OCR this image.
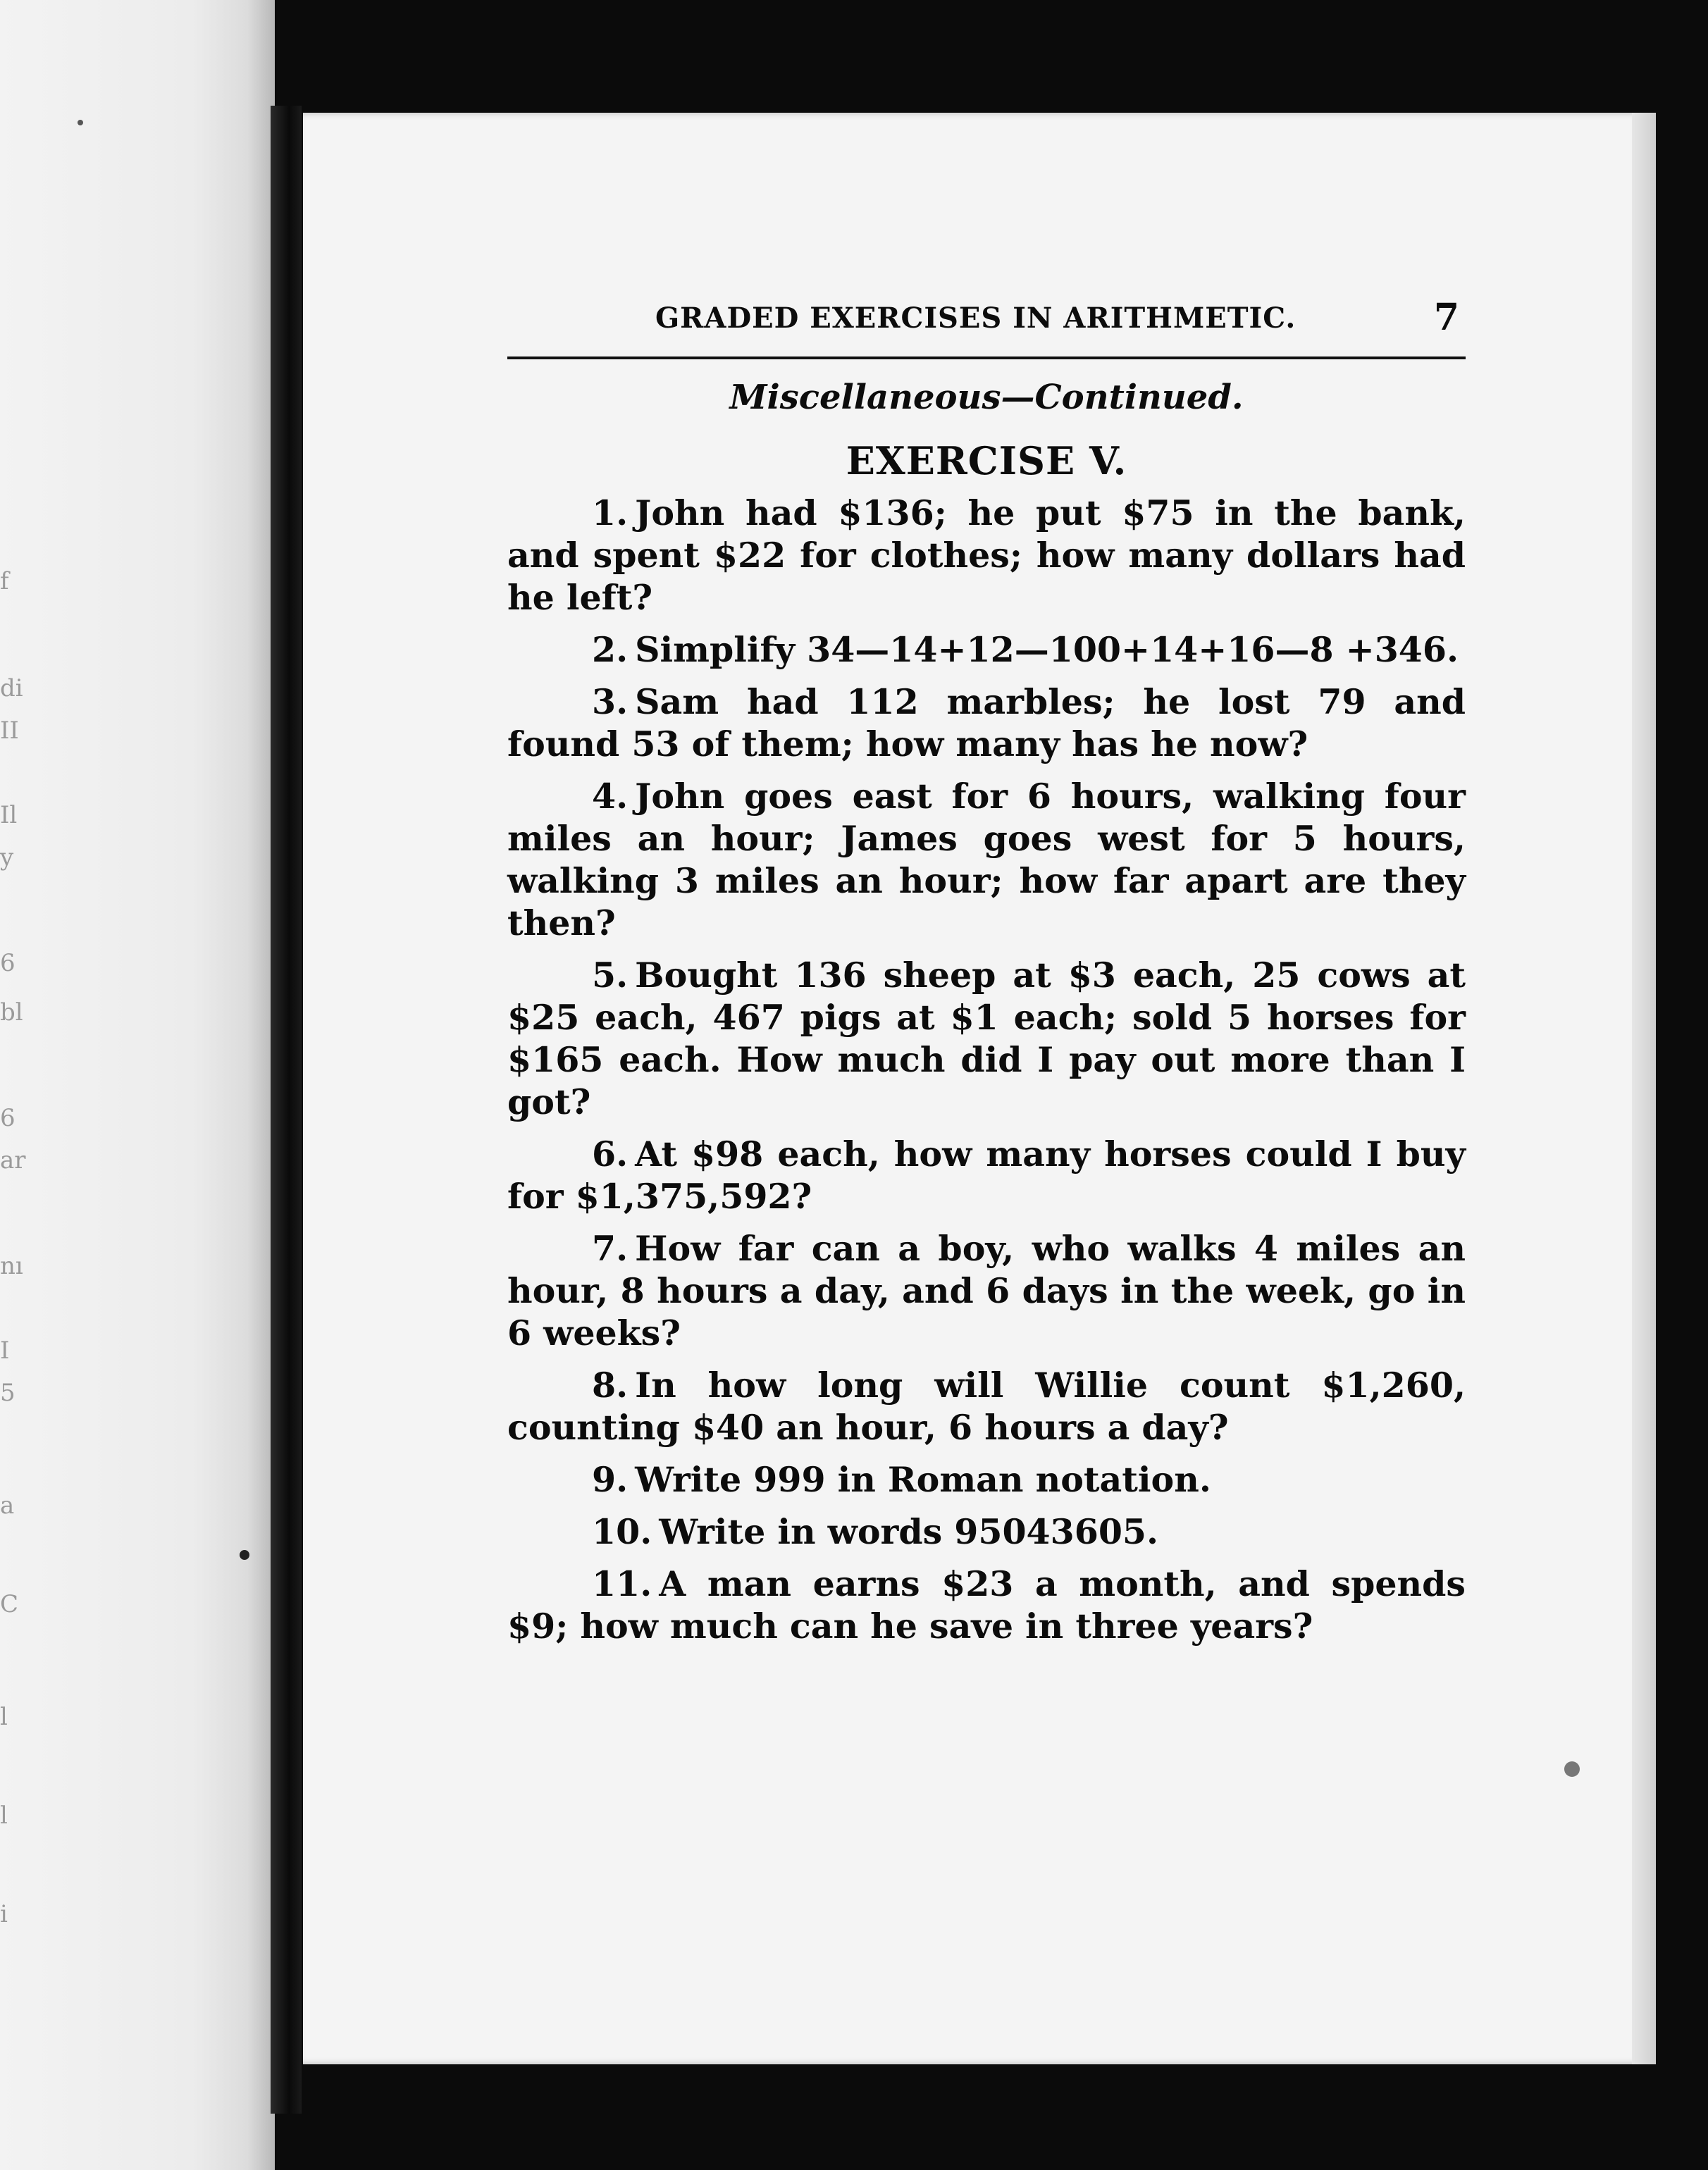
f
di
II
Il
y
6
bl
6
ar
nı
I
5
a
C
l
l
i
GRADED EXERCISES IN ARITHMETIC.	7
Miscellaneous—Continued.
EXERCISE V.

1. John had $136; he put $75 in the bank, and spent $22 for clothes; how many dollars had he left?

2. Simplify 34—14+12—100+14+16—8 +346.

3. Sam had 112 marbles; he lost 79 and found 53 of them; how many has he now?

4. John goes east for 6 hours, walking four miles an hour; James goes west for 5 hours, walking 3 miles an hour; how far apart are they then?

5. Bought 136 sheep at $3 each, 25 cows at $25 each, 467 pigs at $1 each; sold 5 horses for $165 each. How much did I pay out more than I got?

6. At $98 each, how many horses could I buy for $1,375,592?

7. How far can a boy, who walks 4 miles an hour, 8 hours a day, and 6 days in the week, go in 6 weeks?

8. In how long will Willie count $1,260, counting $40 an hour, 6 hours a day?

9. Write 999 in Roman notation.

10. Write in words 95043605.

11. A man earns $23 a month, and spends $9; how much can he save in three years?
